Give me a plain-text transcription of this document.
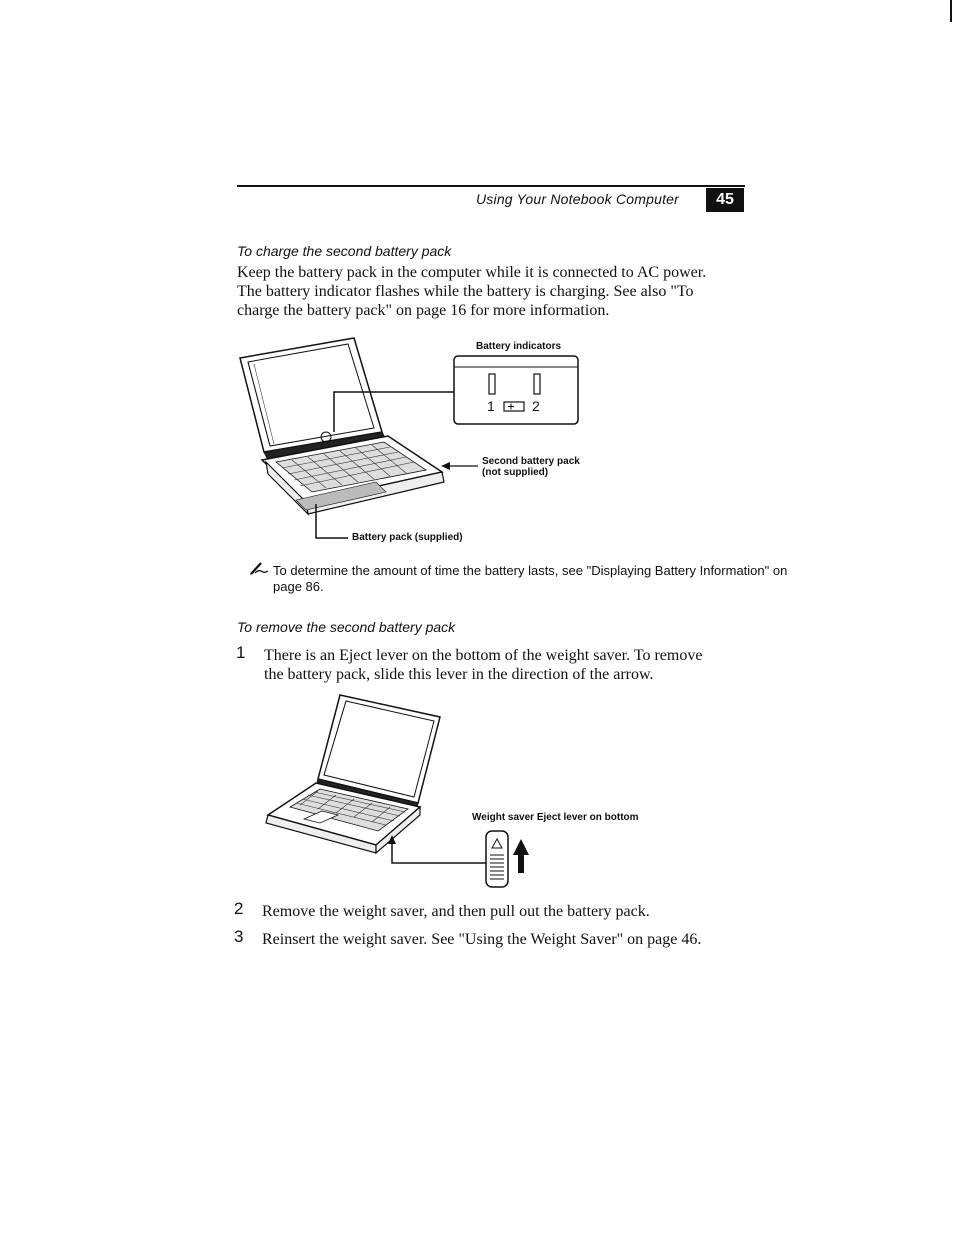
Using Your Notebook Computer	45
To charge the second battery pack
Keep the battery pack in the computer while it is connected to AC power.
The battery indicator flashes while the battery is charging. See also "To
charge the battery pack" on page 16 for more information.
Battery indicators
1	2
Second battery pack
(not supplied)
Battery pack (supplied)
To determine the amount of time the battery lasts, see "Displaying Battery Information" on
page 86.
To remove the second battery pack
1 There is an Eject lever on the bottom of the weight saver. To remove
the battery pack, slide this lever in the direction of the arrow.
Weight saver Eject lever on bottom
2 Remove the weight saver, and then pull out the battery pack.
3 Reinsert the weight saver. See "Using the Weight Saver" on page 46.
